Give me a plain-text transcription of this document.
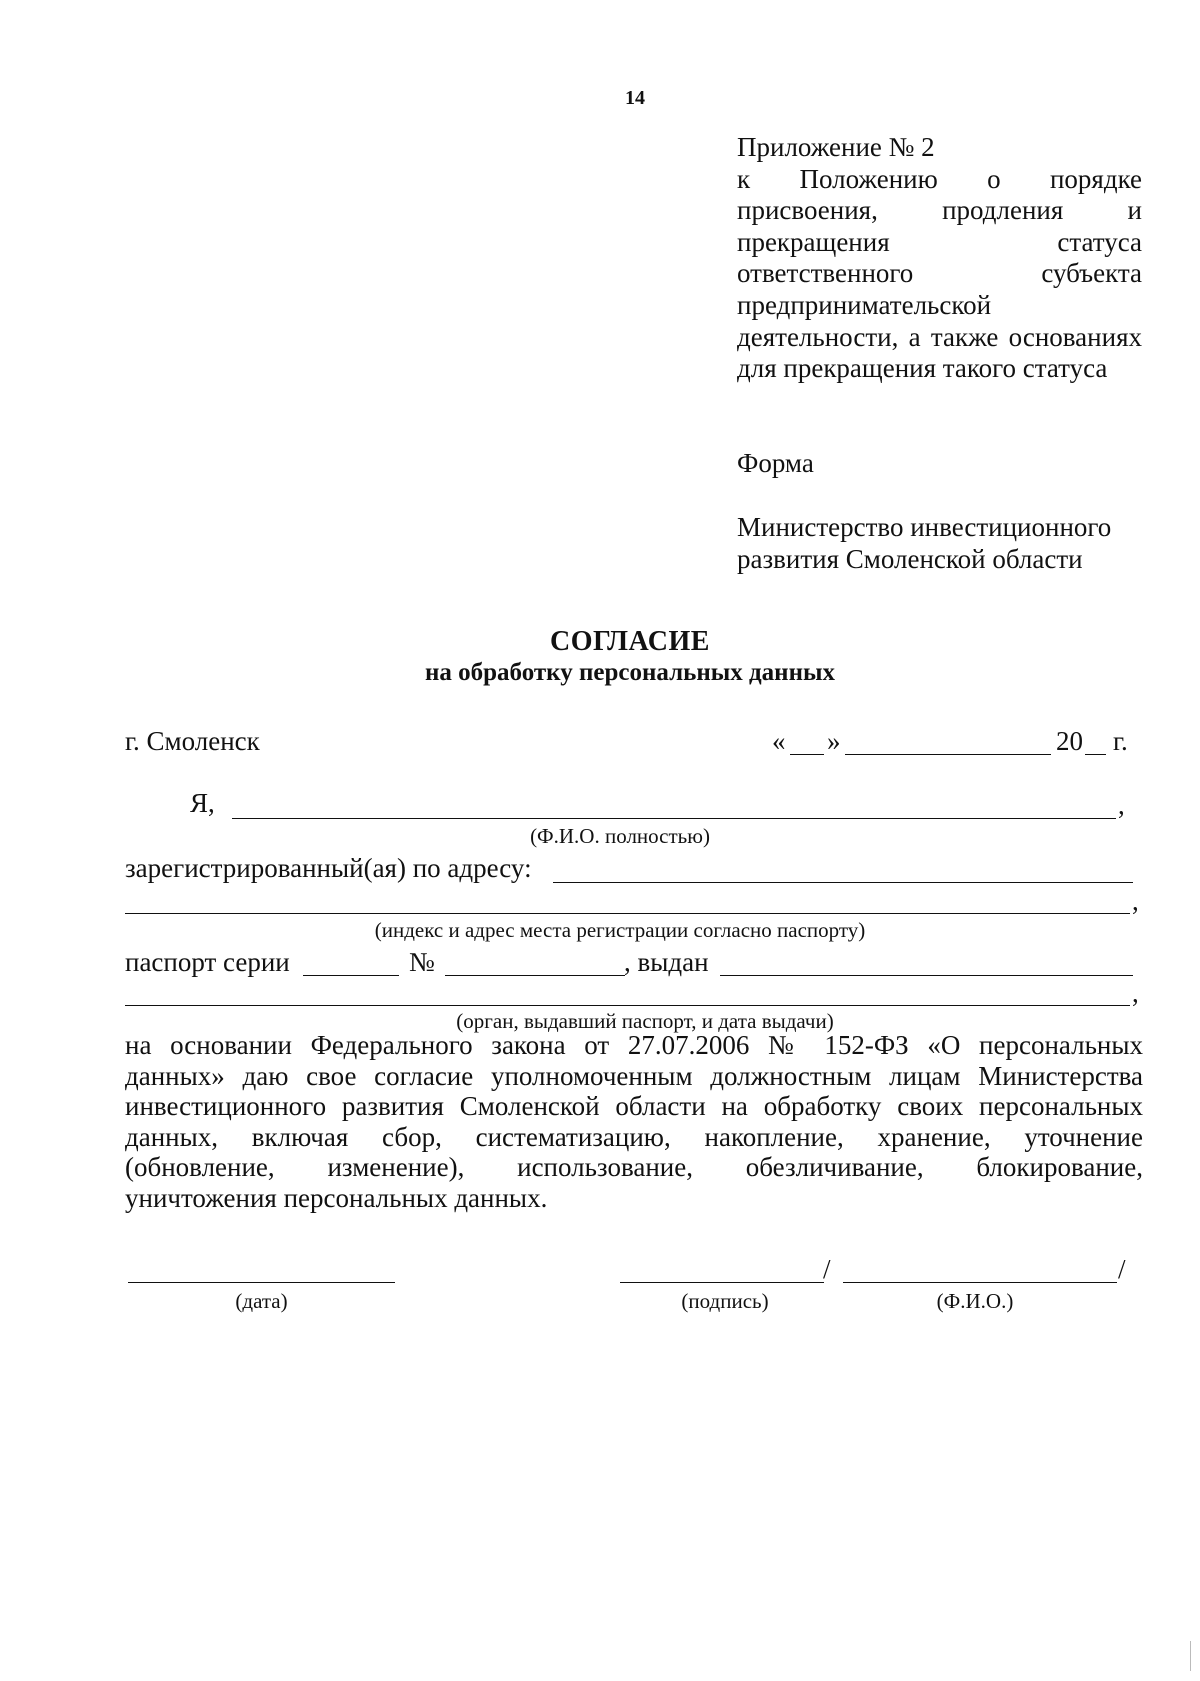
14
Приложение № 2
к Положению о порядке
присвоения, продления и
прекращения статуса
ответственного субъекта
предпринимательской
деятельности, а также основаниях
для прекращения такого статуса
Форма
Министерство инвестиционного
развития Смоленской области
СОГЛАСИЕ
на обработку персональных данных
г. Смоленск	« »	20 г.
Я,	,
(Ф.И.О. полностью)
зарегистрированный(ая) по адресу:
,
(индекс и адрес места регистрации согласно паспорту)
паспорт серии	№	, выдан
,
(орган, выдавший паспорт, и дата выдачи)
на основании Федерального закона от 27.07.2006 № 152-ФЗ «О персональных
данных» даю свое согласие уполномоченным должностным лицам Министерства
инвестиционного развития Смоленской области на обработку своих персональных
данных, включая сбор, систематизацию, накопление, хранение, уточнение
(обновление, изменение), использование, обезличивание, блокирование,
уничтожения персональных данных.
(дата)
/
(подпись)
/
(Ф.И.О.)
